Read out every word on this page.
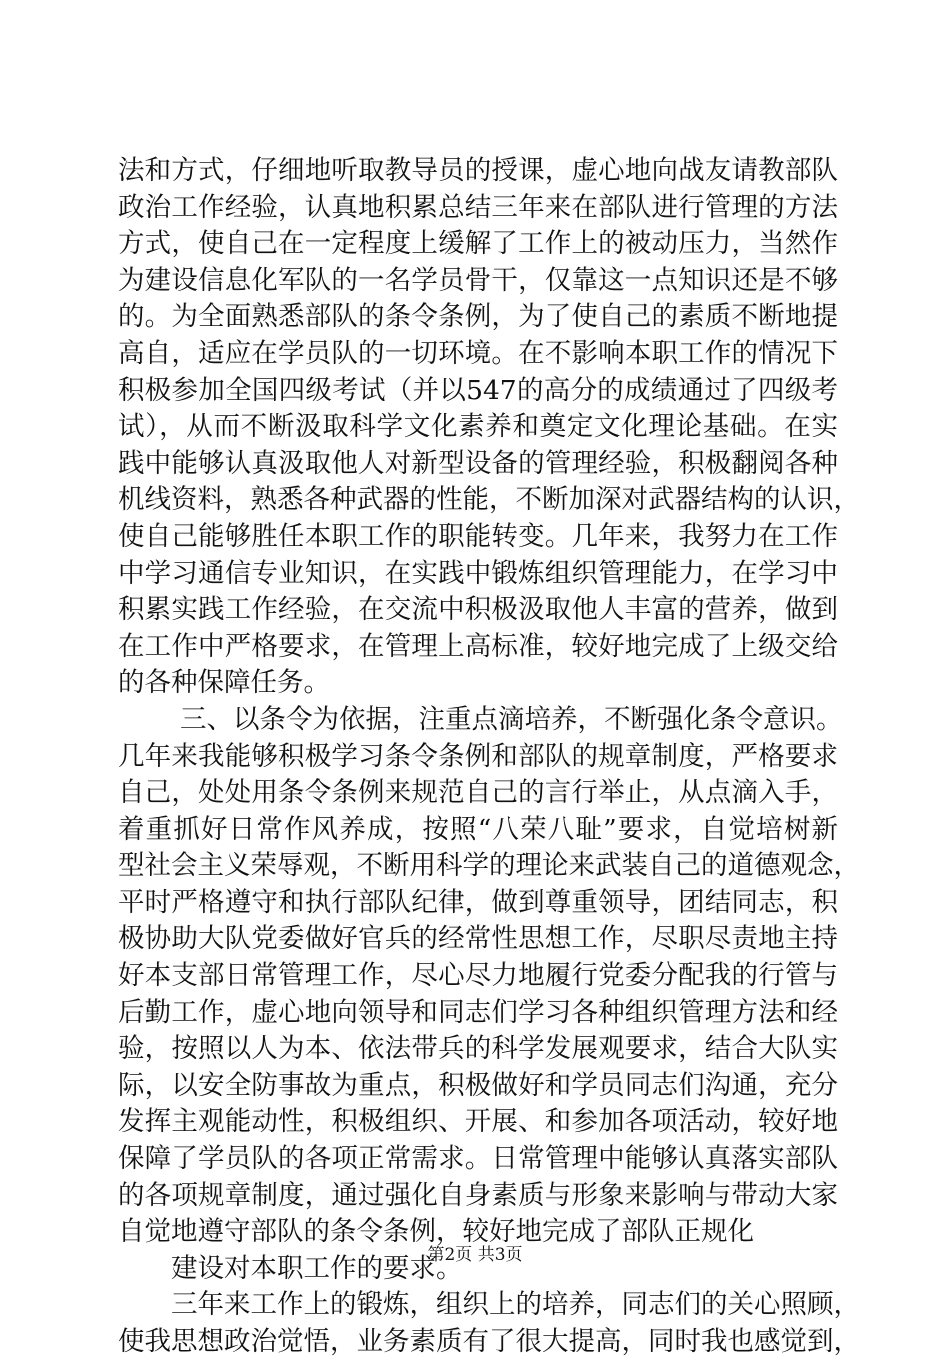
法和方式，仔细地听取教导员的授课，虚心地向战友请教部队
政治工作经验，认真地积累总结三年来在部队进行管理的方法
方式，使自己在一定程度上缓解了工作上的被动压力，当然作
为建设信息化军队的一名学员骨干，仅靠这一点知识还是不够
的。为全面熟悉部队的条令条例，为了使自己的素质不断地提
高自，适应在学员队的一切环境。在不影响本职工作的情况下
积极参加全国四级考试（并以547的高分的成绩通过了四级考
试），从而不断汲取科学文化素养和奠定文化理论基础。在实
践中能够认真汲取他人对新型设备的管理经验，积极翻阅各种
机线资料，熟悉各种武器的性能，不断加深对武器结构的认识，
使自己能够胜任本职工作的职能转变。几年来，我努力在工作
中学习通信专业知识，在实践中锻炼组织管理能力，在学习中
积累实践工作经验，在交流中积极汲取他人丰富的营养，做到
在工作中严格要求，在管理上高标准，较好地完成了上级交给
的各种保障任务。
三、以条令为依据，注重点滴培养，不断强化条令意识。
几年来我能够积极学习条令条例和部队的规章制度，严格要求
自己，处处用条令条例来规范自己的言行举止，从点滴入手，
着重抓好日常作风养成，按照“八荣八耻”要求，自觉培树新
型社会主义荣辱观，不断用科学的理论来武装自己的道德观念，
平时严格遵守和执行部队纪律，做到尊重领导，团结同志，积
极协助大队党委做好官兵的经常性思想工作，尽职尽责地主持
好本支部日常管理工作，尽心尽力地履行党委分配我的行管与
后勤工作，虚心地向领导和同志们学习各种组织管理方法和经
验，按照以人为本、依法带兵的科学发展观要求，结合大队实
际，以安全防事故为重点，积极做好和学员同志们沟通，充分
发挥主观能动性，积极组织、开展、和参加各项活动，较好地
保障了学员队的各项正常需求。日常管理中能够认真落实部队
的各项规章制度，通过强化自身素质与形象来影响与带动大家
自觉地遵守部队的条令条例，较好地完成了部队正规化
建设对本职工作的要求。
三年来工作上的锻炼，组织上的培养，同志们的关心照顾，
使我思想政治觉悟，业务素质有了很大提高，同时我也感觉到，
第2页 共3页
